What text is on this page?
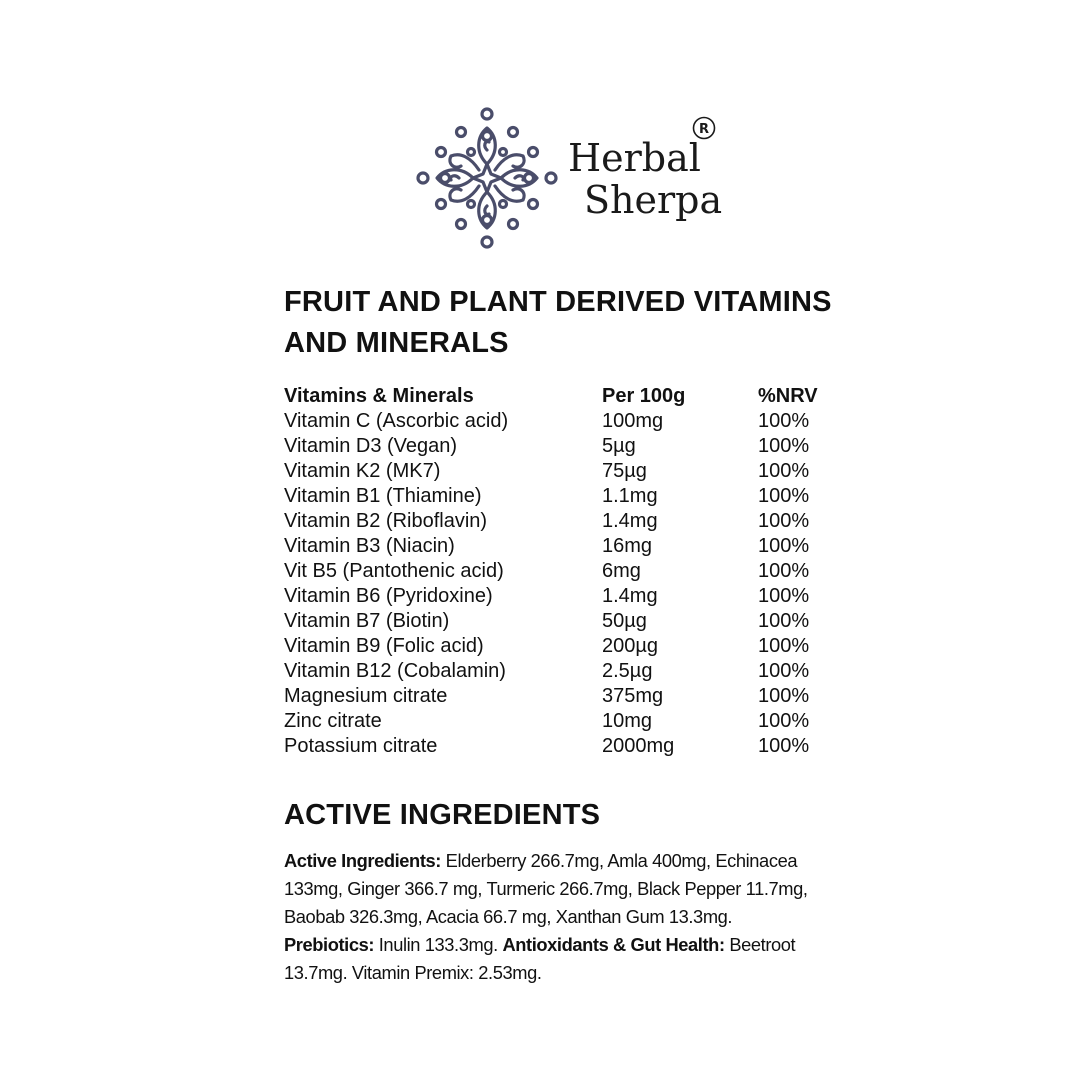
Herbal
Sherpa
R
FRUIT AND PLANT DERIVED VITAMINS
AND MINERALS
Vitamins & Minerals	Per 100g	%NRV
Vitamin C (Ascorbic acid)	100mg	100%
Vitamin D3 (Vegan)	5µg	100%
Vitamin K2 (MK7)	75µg	100%
Vitamin B1 (Thiamine)	1.1mg	100%
Vitamin B2 (Riboflavin)	1.4mg	100%
Vitamin B3 (Niacin)	16mg	100%
Vit B5 (Pantothenic acid)	6mg	100%
Vitamin B6 (Pyridoxine)	1.4mg	100%
Vitamin B7 (Biotin)	50µg	100%
Vitamin B9 (Folic acid)	200µg	100%
Vitamin B12 (Cobalamin)	2.5µg	100%
Magnesium citrate	375mg	100%
Zinc citrate	10mg	100%
Potassium citrate	2000mg	100%
ACTIVE INGREDIENTS
Active Ingredients: Elderberry 266.7mg, Amla 400mg, Echinacea 133mg, Ginger 366.7 mg, Turmeric 266.7mg, Black Pepper 11.7mg, Baobab 326.3mg, Acacia 66.7 mg, Xanthan Gum 13.3mg.
Prebiotics: Inulin 133.3mg. Antioxidants & Gut Health: Beetroot 13.7mg. Vitamin Premix: 2.53mg.
